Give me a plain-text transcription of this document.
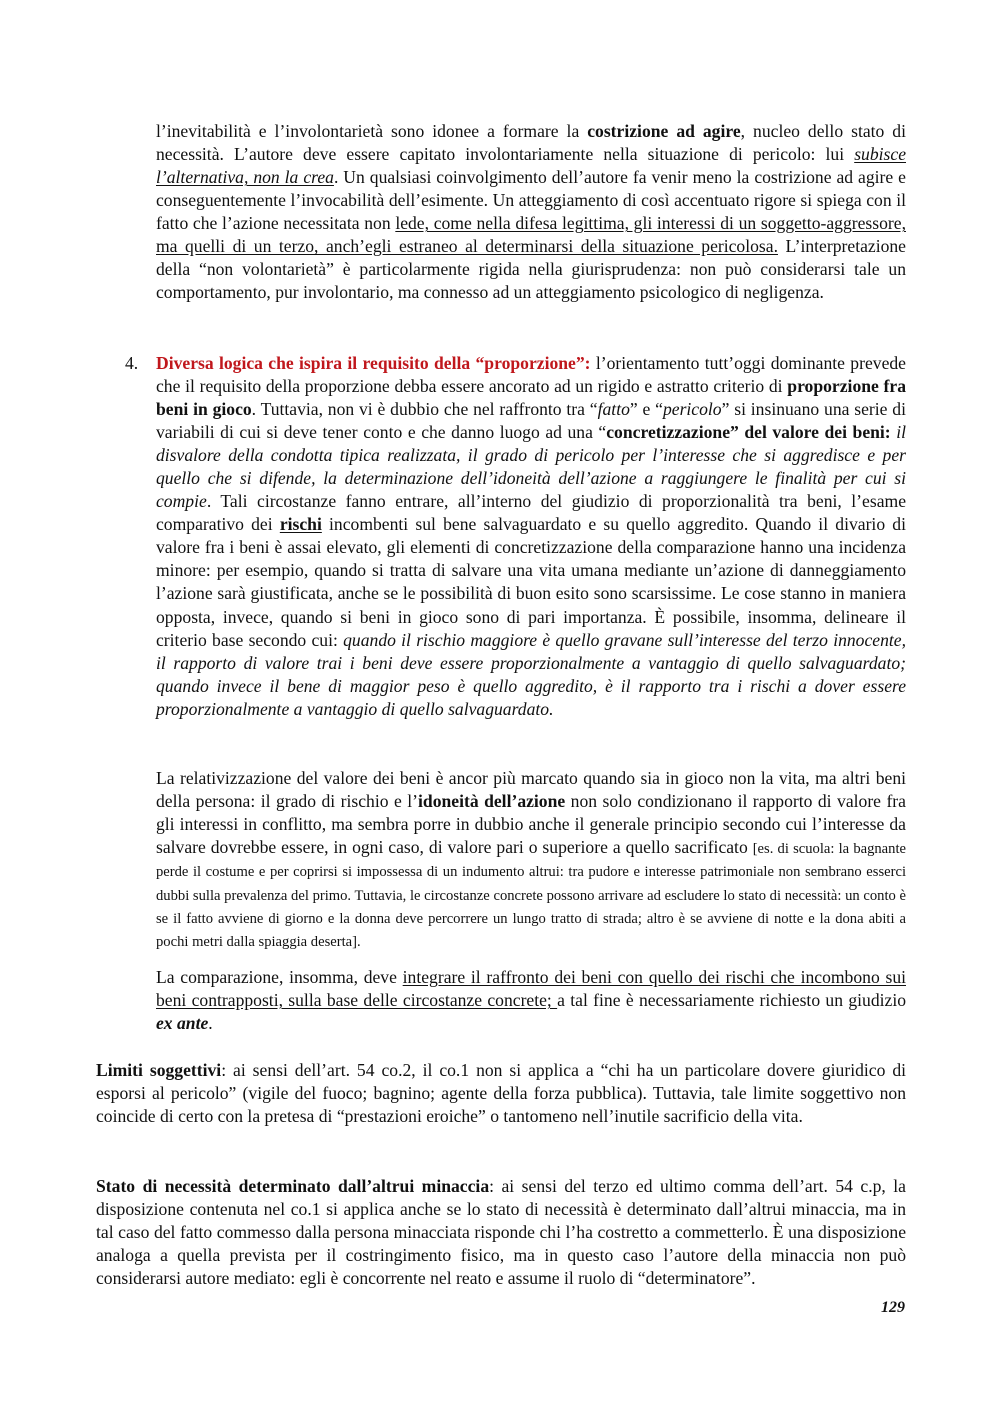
l’inevitabilità e l’involontarietà sono idonee a formare la costrizione ad agire, nucleo dello stato di necessità. L’autore deve essere capitato involontariamente nella situazione di pericolo: lui subisce l’alternativa, non la crea. Un qualsiasi coinvolgimento dell’autore fa venir meno la costrizione ad agire e conseguentemente l’invocabilità dell’esimente. Un atteggiamento di così accentuato rigore si spiega con il fatto che l’azione necessitata non lede, come nella difesa legittima, gli interessi di un soggetto-aggressore, ma quelli di un terzo, anch’egli estraneo al determinarsi della situazione pericolosa. L’interpretazione della “non volontarietà” è particolarmente rigida nella giurisprudenza: non può considerarsi tale un comportamento, pur involontario, ma connesso ad un atteggiamento psicologico di negligenza.

4. Diversa logica che ispira il requisito della “proporzione”: l’orientamento tutt’oggi dominante prevede che il requisito della proporzione debba essere ancorato ad un rigido e astratto criterio di proporzione fra beni in gioco. Tuttavia, non vi è dubbio che nel raffronto tra “fatto” e “pericolo” si insinuano una serie di variabili di cui si deve tener conto e che danno luogo ad una “concretizzazione” del valore dei beni: il disvalore della condotta tipica realizzata, il grado di pericolo per l’interesse che si aggredisce e per quello che si difende, la determinazione dell’idoneità dell’azione a raggiungere le finalità per cui si compie. Tali circostanze fanno entrare, all’interno del giudizio di proporzionalità tra beni, l’esame comparativo dei rischi incombenti sul bene salvaguardato e su quello aggredito. Quando il divario di valore fra i beni è assai elevato, gli elementi di concretizzazione della comparazione hanno una incidenza minore: per esempio, quando si tratta di salvare una vita umana mediante un’azione di danneggiamento l’azione sarà giustificata, anche se le possibilità di buon esito sono scarsissime. Le cose stanno in maniera opposta, invece, quando si beni in gioco sono di pari importanza. È possibile, insomma, delineare il criterio base secondo cui: quando il rischio maggiore è quello gravane sull’interesse del terzo innocente, il rapporto di valore trai i beni deve essere proporzionalmente a vantaggio di quello salvaguardato; quando invece il bene di maggior peso è quello aggredito, è il rapporto tra i rischi a dover essere proporzionalmente a vantaggio di quello salvaguardato.

La relativizzazione del valore dei beni è ancor più marcato quando sia in gioco non la vita, ma altri beni della persona: il grado di rischio e l’idoneità dell’azione non solo condizionano il rapporto di valore fra gli interessi in conflitto, ma sembra porre in dubbio anche il generale principio secondo cui l’interesse da salvare dovrebbe essere, in ogni caso, di valore pari o superiore a quello sacrificato [es. di scuola: la bagnante perde il costume e per coprirsi si impossessa di un indumento altrui: tra pudore e interesse patrimoniale non sembrano esserci dubbi sulla prevalenza del primo. Tuttavia, le circostanze concrete possono arrivare ad escludere lo stato di necessità: un conto è se il fatto avviene di giorno e la donna deve percorrere un lungo tratto di strada; altro è se avviene di notte e la dona abiti a pochi metri dalla spiaggia deserta].

La comparazione, insomma, deve integrare il raffronto dei beni con quello dei rischi che incombono sui beni contrapposti, sulla base delle circostanze concrete; a tal fine è necessariamente richiesto un giudizio ex ante.

Limiti soggettivi: ai sensi dell’art. 54 co.2, il co.1 non si applica a “chi ha un particolare dovere giuridico di esporsi al pericolo” (vigile del fuoco; bagnino; agente della forza pubblica). Tuttavia, tale limite soggettivo non coincide di certo con la pretesa di “prestazioni eroiche” o tantomeno nell’inutile sacrificio della vita.

Stato di necessità determinato dall’altrui minaccia: ai sensi del terzo ed ultimo comma dell’art. 54 c.p, la disposizione contenuta nel co.1 si applica anche se lo stato di necessità è determinato dall’altrui minaccia, ma in tal caso del fatto commesso dalla persona minacciata risponde chi l’ha costretto a commetterlo. È una disposizione analoga a quella prevista per il costringimento fisico, ma in questo caso l’autore della minaccia non può considerarsi autore mediato: egli è concorrente nel reato e assume il ruolo di “determinatore”.

129
